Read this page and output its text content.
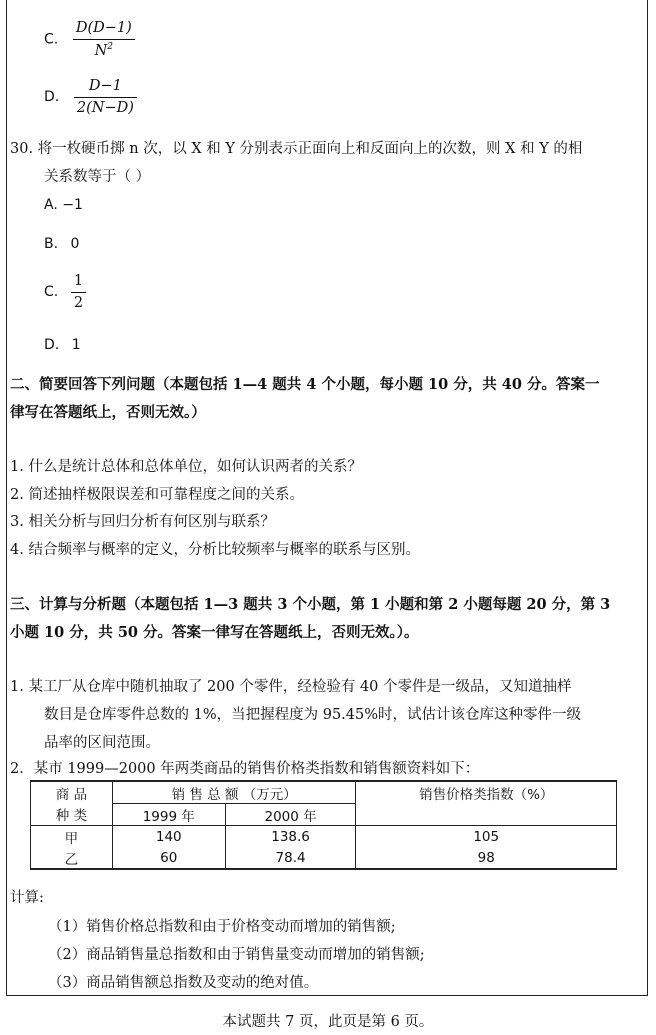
C. $\frac{D(D-1)}{N^2}$
D. $\frac{D-1}{2(N-D)}$
30. 将一枚硬币掷 n 次，以 X 和 Y 分别表示正面向上和反面向上的次数，则 X 和 Y 的相
关系数等于（ ）
A. −1
B. 0
C. $\frac{1}{2}$
D. 1
二、简要回答下列问题（本题包括 1—4 题共 4 个小题，每小题 10 分，共 40 分。答案一
律写在答题纸上，否则无效。）
1. 什么是统计总体和总体单位，如何认识两者的关系？
2. 简述抽样极限误差和可靠程度之间的关系。
3. 相关分析与回归分析有何区别与联系？
4. 结合频率与概率的定义，分析比较频率与概率的联系与区别。
三、计算与分析题（本题包括 1—3 题共 3 个小题，第 1 小题和第 2 小题每题 20 分，第 3
小题 10 分，共 50 分。答案一律写在答题纸上，否则无效。）。
1. 某工厂从仓库中随机抽取了 200 个零件，经检验有 40 个零件是一级品，又知道抽样
数目是仓库零件总数的 1%，当把握程度为 95.45%时，试估计该仓库这种零件一级
品率的区间范围。
2．某市 1999—2000 年两类商品的销售价格类指数和销售额资料如下：
商 品	销 售 总 额 （万元）		销售价格类指数（%）
种 类	1999 年	2000 年	
甲	140	138.6	105
乙	60	78.4	98
计算:
（1）销售价格总指数和由于价格变动而增加的销售额;
（2）商品销售量总指数和由于销售量变动而增加的销售额;
（3）商品销售额总指数及变动的绝对值。
本试题共 7 页，此页是第 6 页。
